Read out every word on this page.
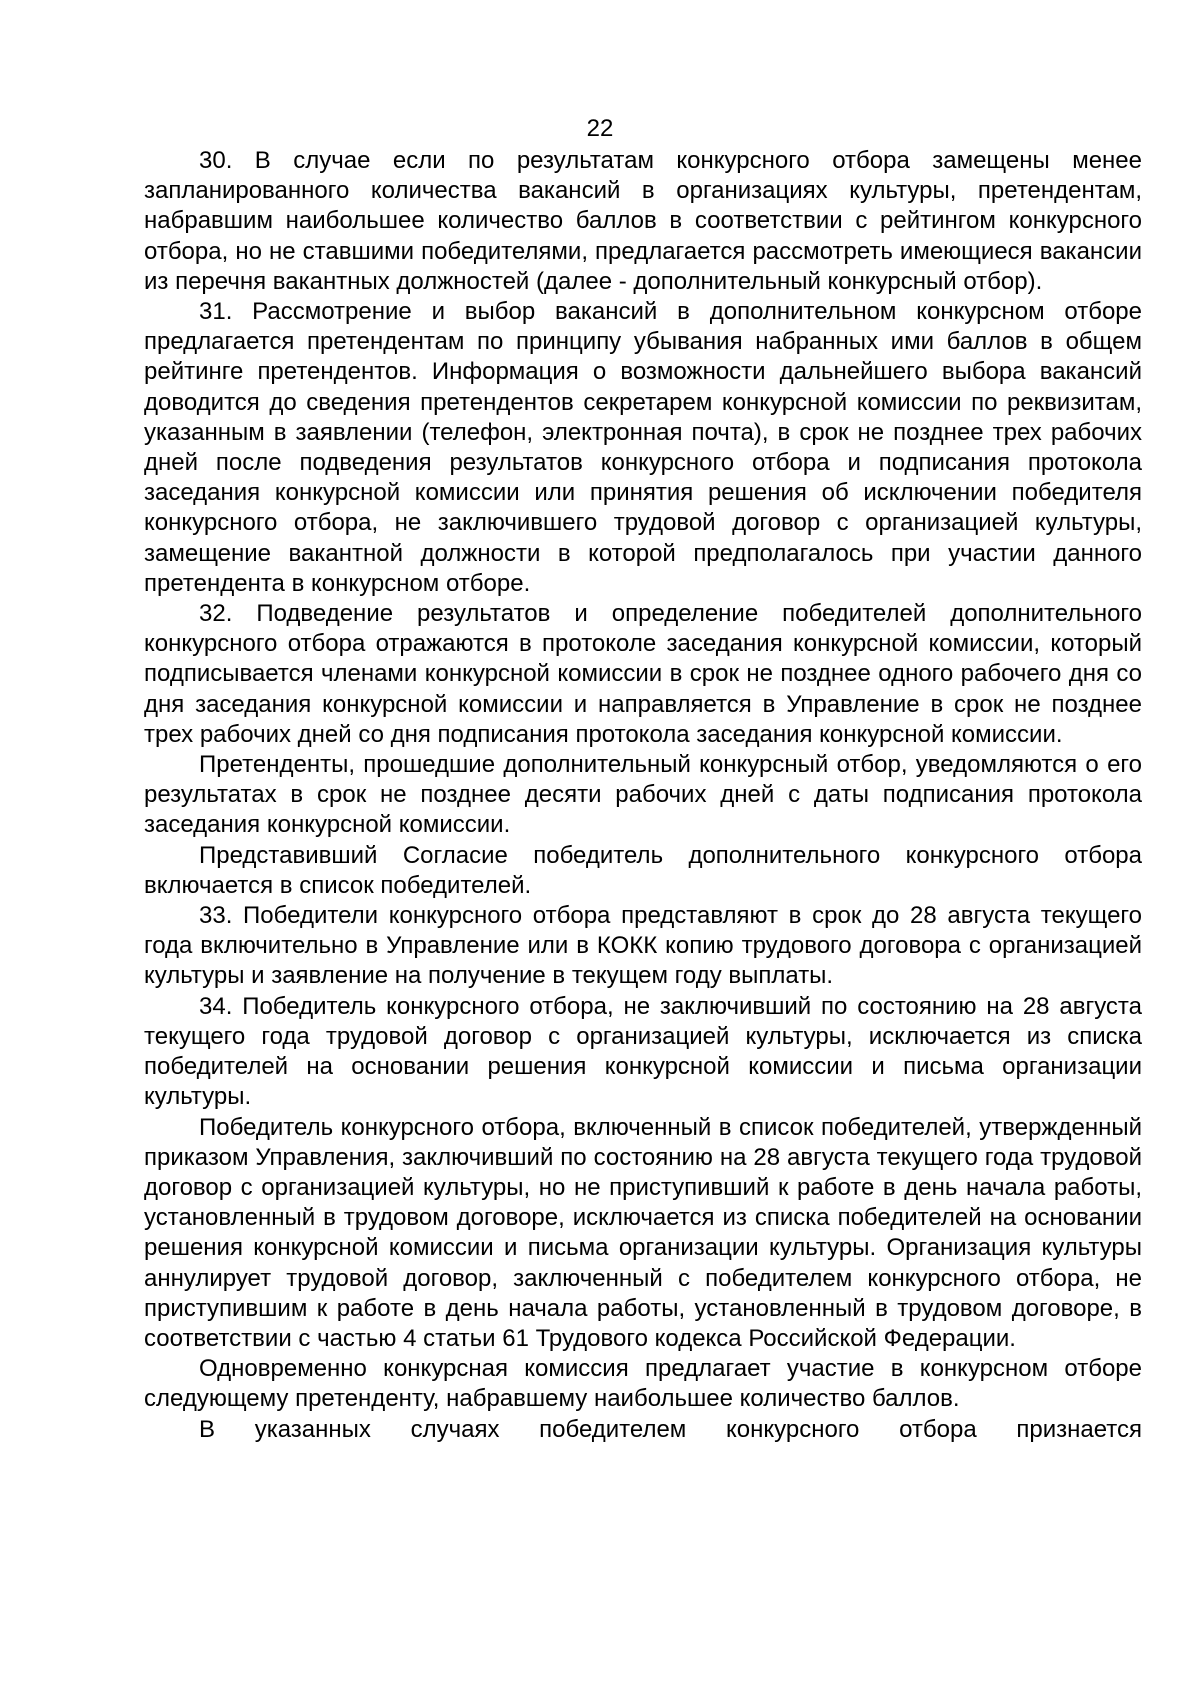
22

30. В случае если по результатам конкурсного отбора замещены менее запланированного количества вакансий в организациях культуры, претендентам, набравшим наибольшее количество баллов в соответствии с рейтингом конкурсного отбора, но не ставшими победителями, предлагается рассмотреть имеющиеся вакансии из перечня вакантных должностей (далее - дополнительный конкурсный отбор).

31. Рассмотрение и выбор вакансий в дополнительном конкурсном отборе предлагается претендентам по принципу убывания набранных ими баллов в общем рейтинге претендентов. Информация о возможности дальнейшего выбора вакансий доводится до сведения претендентов секретарем конкурсной комиссии по реквизитам, указанным в заявлении (телефон, электронная почта), в срок не позднее трех рабочих дней после подведения результатов конкурсного отбора и подписания протокола заседания конкурсной комиссии или принятия решения об исключении победителя конкурсного отбора, не заключившего трудовой договор с организацией культуры, замещение вакантной должности в которой предполагалось при участии данного претендента в конкурсном отборе.

32. Подведение результатов и определение победителей дополнительного конкурсного отбора отражаются в протоколе заседания конкурсной комиссии, который подписывается членами конкурсной комиссии в срок не позднее одного рабочего дня со дня заседания конкурсной комиссии и направляется в Управление в срок не позднее трех рабочих дней со дня подписания протокола заседания конкурсной комиссии.

Претенденты, прошедшие дополнительный конкурсный отбор, уведомляются о его результатах в срок не позднее десяти рабочих дней с даты подписания протокола заседания конкурсной комиссии.

Представивший Согласие победитель дополнительного конкурсного отбора включается в список победителей.

33. Победители конкурсного отбора представляют в срок до 28 августа текущего года включительно в Управление или в КОКК копию трудового договора с организацией культуры и заявление на получение в текущем году выплаты.

34. Победитель конкурсного отбора, не заключивший по состоянию на 28 августа текущего года трудовой договор с организацией культуры, исключается из списка победителей на основании решения конкурсной комиссии и письма организации культуры.

Победитель конкурсного отбора, включенный в список победителей, утвержденный приказом Управления, заключивший по состоянию на 28 августа текущего года трудовой договор с организацией культуры, но не приступивший к работе в день начала работы, установленный в трудовом договоре, исключается из списка победителей на основании решения конкурсной комиссии и письма организации культуры. Организация культуры аннулирует трудовой договор, заключенный с победителем конкурсного отбора, не приступившим к работе в день начала работы, установленный в трудовом договоре, в соответствии с частью 4 статьи 61 Трудового кодекса Российской Федерации.

Одновременно конкурсная комиссия предлагает участие в конкурсном отборе следующему претенденту, набравшему наибольшее количество баллов.

В указанных случаях победителем конкурсного отбора признается
